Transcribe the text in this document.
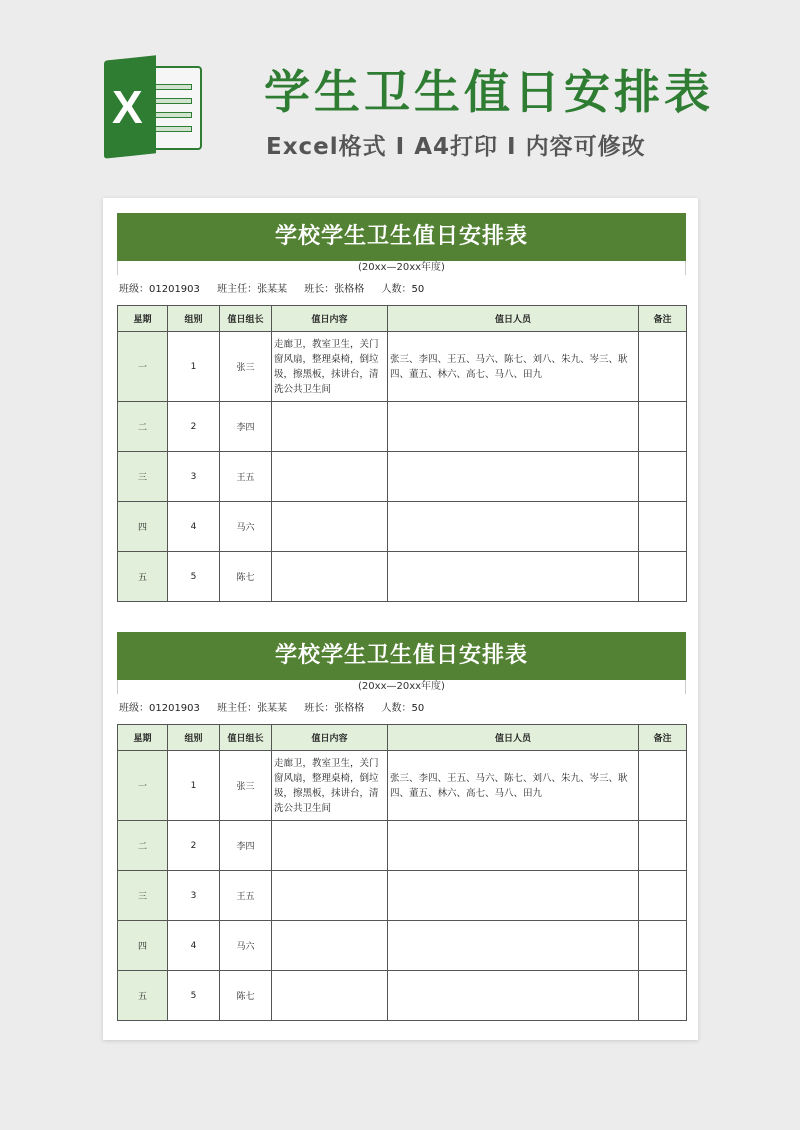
X	学生卫生值日安排表
Excel格式 Ⅰ A4打印 Ⅰ 内容可修改
学校学生卫生值日安排表
(20xx—20xx年度)
班级：01201903 班主任：张某某 班长：张格格 人数：50
星期	组别	值日组长	值日内容	值日人员	备注
一	1	张三	走廊卫，教室卫生，关门窗风扇，整理桌椅，倒垃圾，擦黑板，抹讲台，清洗公共卫生间	张三、李四、王五、马六、陈七、刘八、朱九、岑三、耿四、董五、林六、高七、马八、田九	
二	2	李四			
三	3	王五			
四	4	马六			
五	5	陈七			
学校学生卫生值日安排表
(20xx—20xx年度)
班级：01201903 班主任：张某某 班长：张格格 人数：50
星期	组别	值日组长	值日内容	值日人员	备注
一	1	张三	走廊卫，教室卫生，关门窗风扇，整理桌椅，倒垃圾，擦黑板，抹讲台，清洗公共卫生间	张三、李四、王五、马六、陈七、刘八、朱九、岑三、耿四、董五、林六、高七、马八、田九	
二	2	李四			
三	3	王五			
四	4	马六			
五	5	陈七			
